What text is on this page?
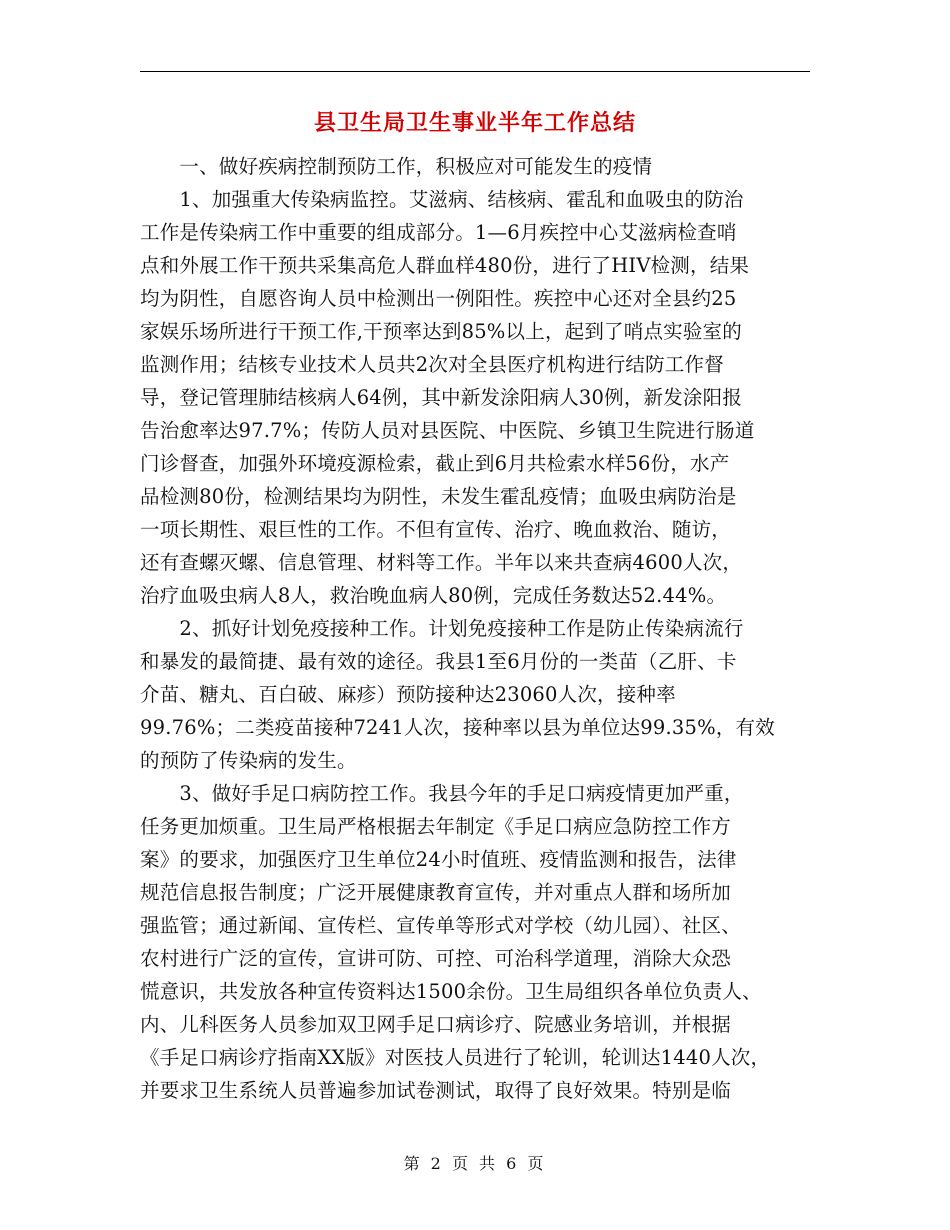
县卫生局卫生事业半年工作总结
　　一、做好疾病控制预防工作，积极应对可能发生的疫情
　　1、加强重大传染病监控。艾滋病、结核病、霍乱和血吸虫的防治
工作是传染病工作中重要的组成部分。1—6月疾控中心艾滋病检查哨
点和外展工作干预共采集高危人群血样480份，进行了HIV检测，结果
均为阴性，自愿咨询人员中检测出一例阳性。疾控中心还对全县约25
家娱乐场所进行干预工作,干预率达到85%以上，起到了哨点实验室的
监测作用；结核专业技术人员共2次对全县医疗机构进行结防工作督
导，登记管理肺结核病人64例，其中新发涂阳病人30例，新发涂阳报
告治愈率达97.7%；传防人员对县医院、中医院、乡镇卫生院进行肠道
门诊督查，加强外环境疫源检索，截止到6月共检索水样56份，水产
品检测80份，检测结果均为阴性，未发生霍乱疫情；血吸虫病防治是
一项长期性、艰巨性的工作。不但有宣传、治疗、晚血救治、随访，
还有查螺灭螺、信息管理、材料等工作。半年以来共查病4600人次，
治疗血吸虫病人8人，救治晚血病人80例，完成任务数达52.44%。
　　2、抓好计划免疫接种工作。计划免疫接种工作是防止传染病流行
和暴发的最简捷、最有效的途径。我县1至6月份的一类苗（乙肝、卡
介苗、糖丸、百白破、麻疹）预防接种达23060人次，接种率
99.76%；二类疫苗接种7241人次，接种率以县为单位达99.35%，有效
的预防了传染病的发生。
　　3、做好手足口病防控工作。我县今年的手足口病疫情更加严重，
任务更加烦重。卫生局严格根据去年制定《手足口病应急防控工作方
案》的要求，加强医疗卫生单位24小时值班、疫情监测和报告，法律
规范信息报告制度；广泛开展健康教育宣传，并对重点人群和场所加
强监管；通过新闻、宣传栏、宣传单等形式对学校（幼儿园）、社区、
农村进行广泛的宣传，宣讲可防、可控、可治科学道理，消除大众恐
慌意识，共发放各种宣传资料达1500余份。卫生局组织各单位负责人、
内、儿科医务人员参加双卫网手足口病诊疗、院感业务培训，并根据
《手足口病诊疗指南XX版》对医技人员进行了轮训，轮训达1440人次，
并要求卫生系统人员普遍参加试卷测试，取得了良好效果。特别是临
第 2 页 共 6 页
